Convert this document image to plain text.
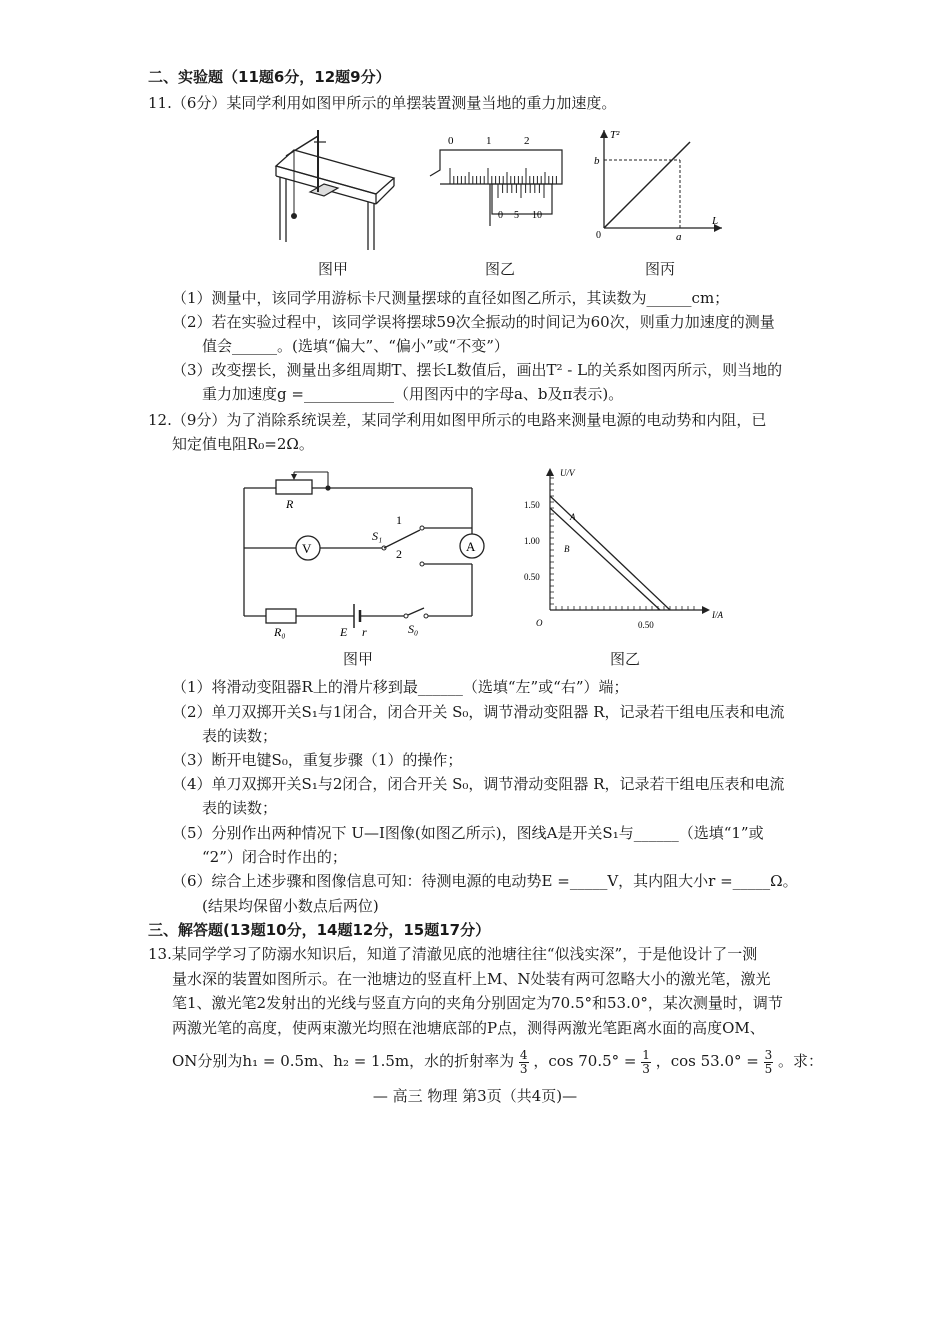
二、实验题（11题6分，12题9分）
11.（6分）某同学利用如图甲所示的单摆装置测量当地的重力加速度。
图甲
0	1	2
0 5 10
图乙
T²
L
0
b
a
图丙
（1）测量中，该同学用游标卡尺测量摆球的直径如图乙所示，其读数为______cm；
（2）若在实验过程中，该同学误将摆球59次全振动的时间记为60次，则重力加速度的测量
值会______。(选填“偏大”、“偏小”或“不变”）
（3）改变摆长，测量出多组周期T、摆长L数值后，画出T² - L的关系如图丙所示，则当地的
重力加速度g =____________（用图丙中的字母a、b及π表示)。
12.（9分）为了消除系统误差，某同学利用如图甲所示的电路来测量电源的电动势和内阻，已
知定值电阻R₀=2Ω。
R
V
S₁
1
2	A
R₀	E r	S₀
图甲
U/V
I/A
O
1.50
1.00
0.50
0.50
A
B
图乙
（1）将滑动变阻器R上的滑片移到最______（选填“左”或“右”）端；
（2）单刀双掷开关S₁与1闭合，闭合开关 S₀，调节滑动变阻器 R，记录若干组电压表和电流
表的读数；
（3）断开电键S₀，重复步骤（1）的操作；
（4）单刀双掷开关S₁与2闭合，闭合开关 S₀，调节滑动变阻器 R，记录若干组电压表和电流
表的读数；
（5）分别作出两种情况下 U—I图像(如图乙所示)，图线A是开关S₁与______（选填“1”或
“2”）闭合时作出的；
（6）综合上述步骤和图像信息可知：待测电源的电动势E =_____V，其内阻大小r =_____Ω。
(结果均保留小数点后两位)
三、解答题(13题10分，14题12分，15题17分）
13.某同学学习了防溺水知识后，知道了清澈见底的池塘往往“似浅实深”，于是他设计了一测
量水深的装置如图所示。在一池塘边的竖直杆上M、N处装有两可忽略大小的激光笔，激光
笔1、激光笔2发射出的光线与竖直方向的夹角分别固定为70.5°和53.0°，某次测量时，调节
两激光笔的高度，使两束激光均照在池塘底部的P点，测得两激光笔距离水面的高度OM、
ON分别为h₁ = 0.5m、h₂ = 1.5m，水的折射率为 $\frac{4}{3}$ ，$\cos 70.5^\circ = \frac{1}{3}$ ，$\cos 53.0^\circ = \frac{3}{5}$ 。求：
— 高三 物理 第3页（共4页)—
